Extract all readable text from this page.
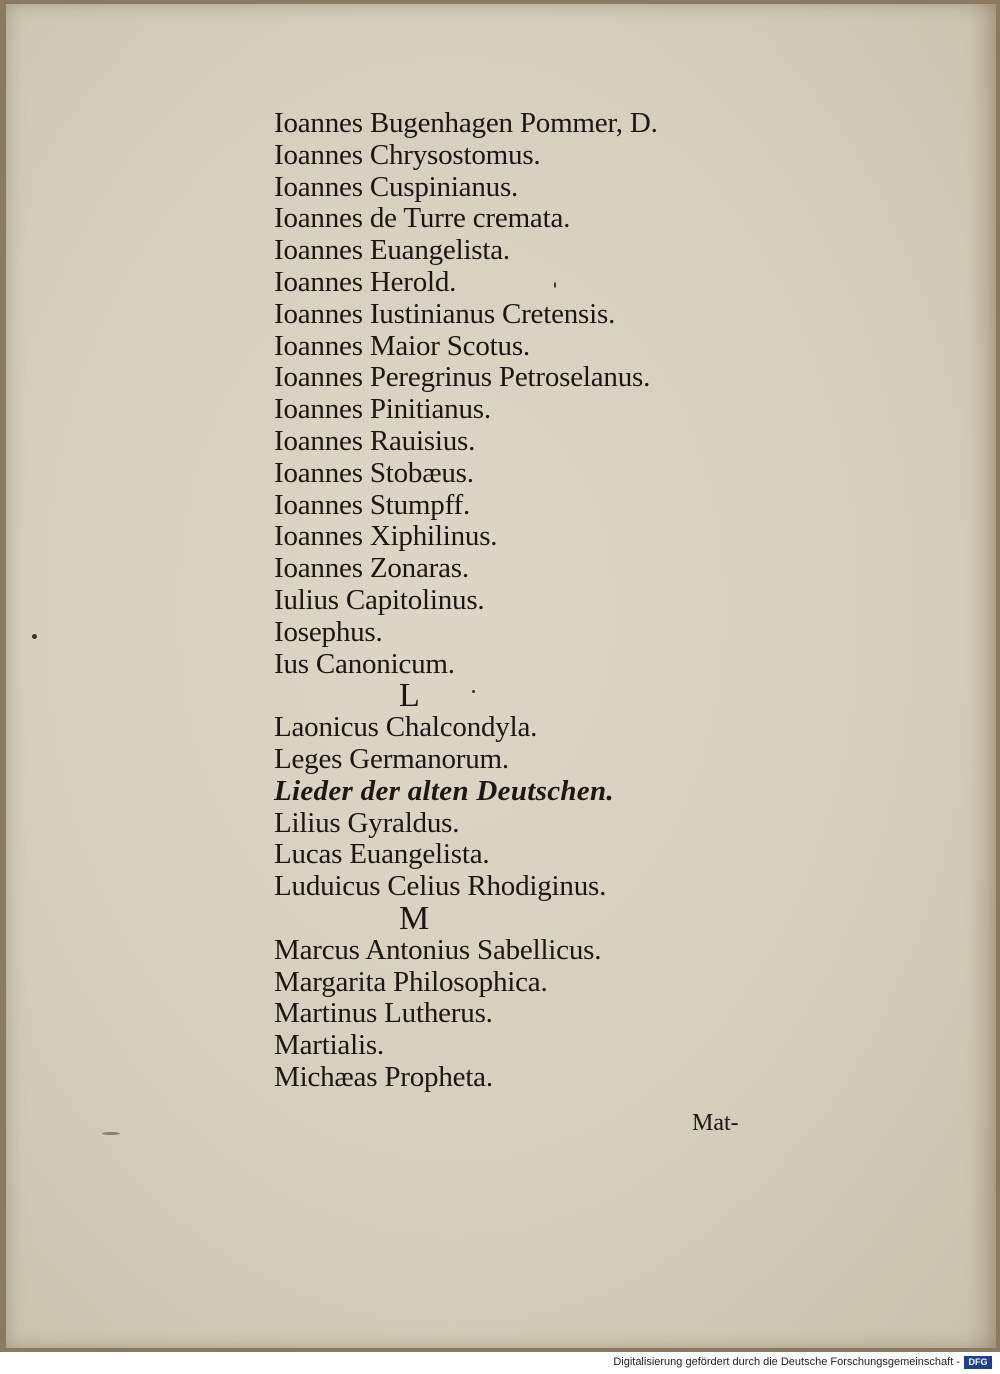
Ioannes Bugenhagen Pommer, D.
Ioannes Chrysostomus.
Ioannes Cuspinianus.
Ioannes de Turre cremata.
Ioannes Euangelista.
Ioannes Herold.
Ioannes Iustinianus Cretensis.
Ioannes Maior Scotus.
Ioannes Peregrinus Petroselanus.
Ioannes Pinitianus.
Ioannes Rauisius.
Ioannes Stobæus.
Ioannes Stumpff.
Ioannes Xiphilinus.
Ioannes Zonaras.
Iulius Capitolinus.
Iosephus.
Ius Canonicum.
L
Laonicus Chalcondyla.
Leges Germanorum.
Lieder der alten Deutschen.
Lilius Gyraldus.
Lucas Euangelista.
Luduicus Celius Rhodiginus.
M
Marcus Antonius Sabellicus.
Margarita Philosophica.
Martinus Lutherus.
Martialis.
Michæas Propheta.
Mat-
Digitalisierung gefördert durch die Deutsche Forschungsgemeinschaft - DFG
